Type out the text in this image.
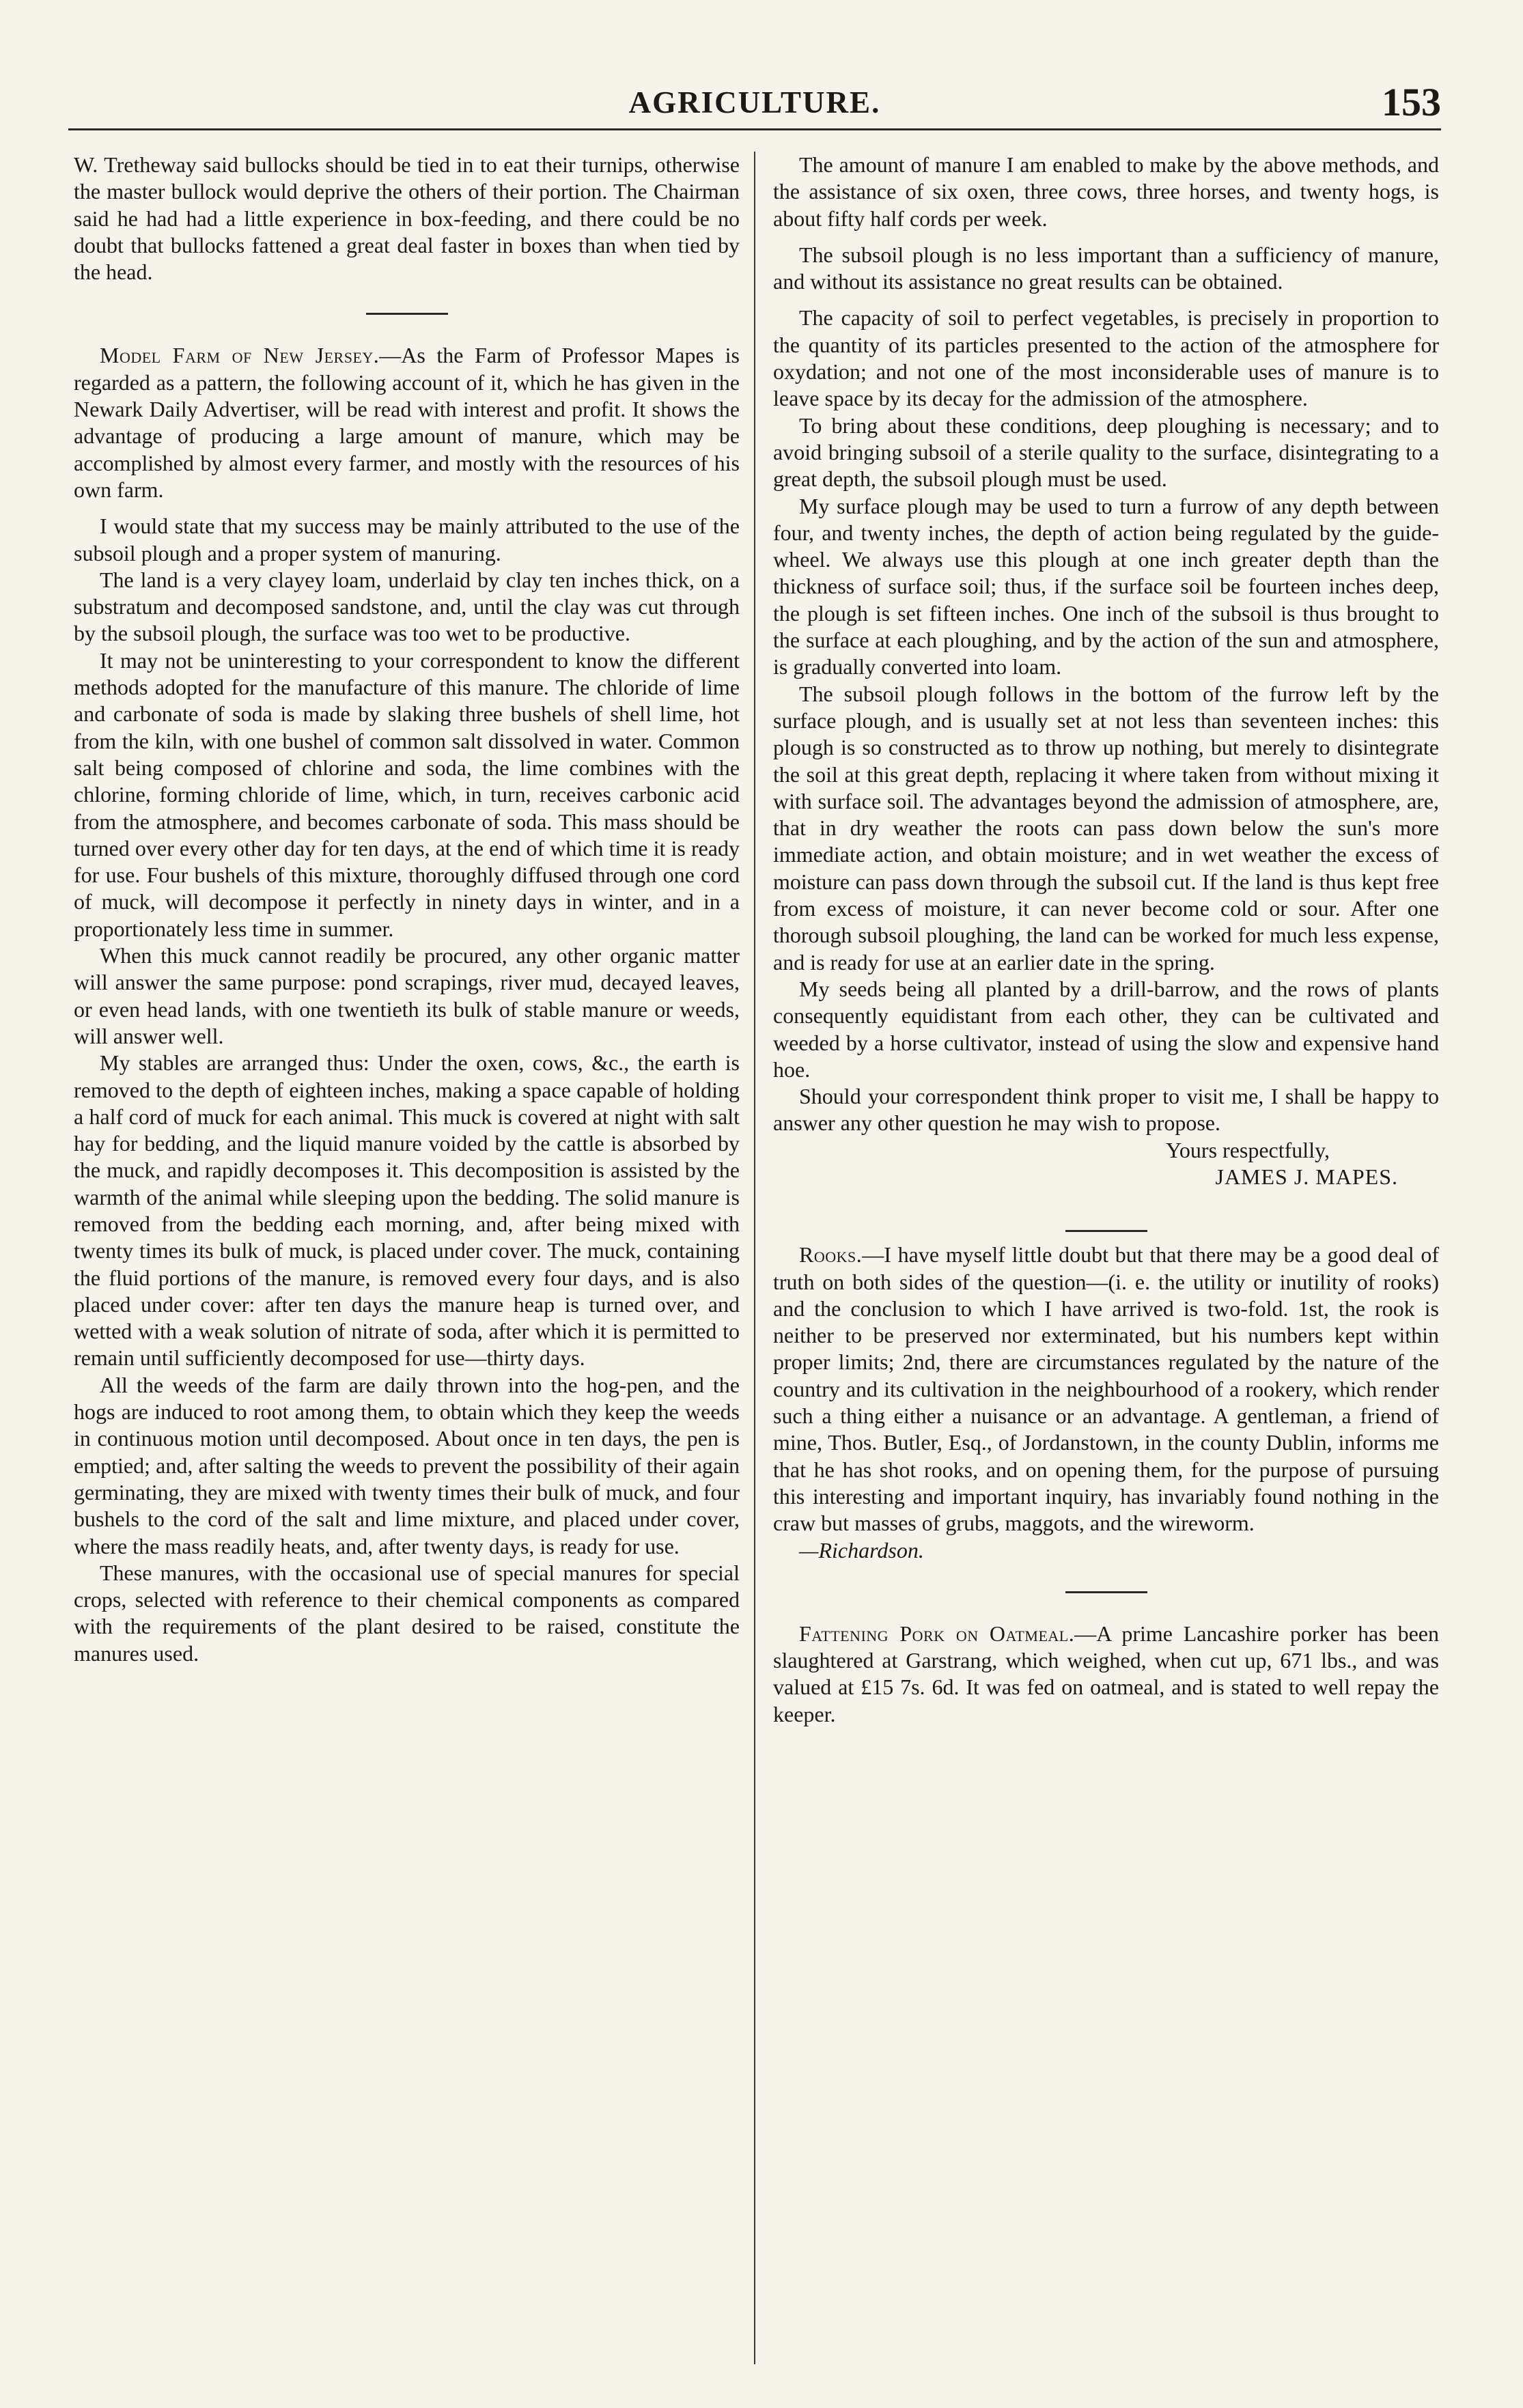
AGRICULTURE.	153

W. Tretheway said bullocks should be tied in to eat their turnips, otherwise the master bullock would deprive the others of their portion. The Chairman said he had had a little experience in box-feeding, and there could be no doubt that bullocks fattened a great deal faster in boxes than when tied by the head.

Model Farm of New Jersey.—As the Farm of Professor Mapes is regarded as a pattern, the following account of it, which he has given in the Newark Daily Advertiser, will be read with interest and profit. It shows the advantage of producing a large amount of manure, which may be accomplished by almost every farmer, and mostly with the resources of his own farm.

I would state that my success may be mainly attributed to the use of the subsoil plough and a proper system of manuring.

The land is a very clayey loam, underlaid by clay ten inches thick, on a substratum and decomposed sandstone, and, until the clay was cut through by the subsoil plough, the surface was too wet to be productive.

It may not be uninteresting to your correspondent to know the different methods adopted for the manufacture of this manure. The chloride of lime and carbonate of soda is made by slaking three bushels of shell lime, hot from the kiln, with one bushel of common salt dissolved in water. Common salt being composed of chlorine and soda, the lime combines with the chlorine, forming chloride of lime, which, in turn, receives carbonic acid from the atmosphere, and becomes carbonate of soda. This mass should be turned over every other day for ten days, at the end of which time it is ready for use. Four bushels of this mixture, thoroughly diffused through one cord of muck, will decompose it perfectly in ninety days in winter, and in a proportionately less time in summer.

When this muck cannot readily be procured, any other organic matter will answer the same purpose: pond scrapings, river mud, decayed leaves, or even head lands, with one twentieth its bulk of stable manure or weeds, will answer well.

My stables are arranged thus: Under the oxen, cows, &c., the earth is removed to the depth of eighteen inches, making a space capable of holding a half cord of muck for each animal. This muck is covered at night with salt hay for bedding, and the liquid manure voided by the cattle is absorbed by the muck, and rapidly decomposes it. This decomposition is assisted by the warmth of the animal while sleeping upon the bedding. The solid manure is removed from the bedding each morning, and, after being mixed with twenty times its bulk of muck, is placed under cover. The muck, containing the fluid portions of the manure, is removed every four days, and is also placed under cover: after ten days the manure heap is turned over, and wetted with a weak solution of nitrate of soda, after which it is permitted to remain until sufficiently decomposed for use—thirty days.

All the weeds of the farm are daily thrown into the hog-pen, and the hogs are induced to root among them, to obtain which they keep the weeds in continuous motion until decomposed. About once in ten days, the pen is emptied; and, after salting the weeds to prevent the possibility of their again germinating, they are mixed with twenty times their bulk of muck, and four bushels to the cord of the salt and lime mixture, and placed under cover, where the mass readily heats, and, after twenty days, is ready for use.

These manures, with the occasional use of special manures for special crops, selected with reference to their chemical components as compared with the requirements of the plant desired to be raised, constitute the manures used.

The amount of manure I am enabled to make by the above methods, and the assistance of six oxen, three cows, three horses, and twenty hogs, is about fifty half cords per week.

The subsoil plough is no less important than a sufficiency of manure, and without its assistance no great results can be obtained.

The capacity of soil to perfect vegetables, is precisely in proportion to the quantity of its particles presented to the action of the atmosphere for oxydation; and not one of the most inconsiderable uses of manure is to leave space by its decay for the admission of the atmosphere.

To bring about these conditions, deep ploughing is necessary; and to avoid bringing subsoil of a sterile quality to the surface, disintegrating to a great depth, the subsoil plough must be used.

My surface plough may be used to turn a furrow of any depth between four, and twenty inches, the depth of action being regulated by the guide-wheel. We always use this plough at one inch greater depth than the thickness of surface soil; thus, if the surface soil be fourteen inches deep, the plough is set fifteen inches. One inch of the subsoil is thus brought to the surface at each ploughing, and by the action of the sun and atmosphere, is gradually converted into loam.

The subsoil plough follows in the bottom of the furrow left by the surface plough, and is usually set at not less than seventeen inches: this plough is so constructed as to throw up nothing, but merely to disintegrate the soil at this great depth, replacing it where taken from without mixing it with surface soil. The advantages beyond the admission of atmosphere, are, that in dry weather the roots can pass down below the sun's more immediate action, and obtain moisture; and in wet weather the excess of moisture can pass down through the subsoil cut. If the land is thus kept free from excess of moisture, it can never become cold or sour. After one thorough subsoil ploughing, the land can be worked for much less expense, and is ready for use at an earlier date in the spring.

My seeds being all planted by a drill-barrow, and the rows of plants consequently equidistant from each other, they can be cultivated and weeded by a horse cultivator, instead of using the slow and expensive hand hoe.

Should your correspondent think proper to visit me, I shall be happy to answer any other question he may wish to propose.

Yours respectfully,

JAMES J. MAPES.

Rooks.—I have myself little doubt but that there may be a good deal of truth on both sides of the question—(i. e. the utility or inutility of rooks) and the conclusion to which I have arrived is two-fold. 1st, the rook is neither to be preserved nor exterminated, but his numbers kept within proper limits; 2nd, there are circumstances regulated by the nature of the country and its cultivation in the neighbourhood of a rookery, which render such a thing either a nuisance or an advantage. A gentleman, a friend of mine, Thos. Butler, Esq., of Jordanstown, in the county Dublin, informs me that he has shot rooks, and on opening them, for the purpose of pursuing this interesting and important inquiry, has invariably found nothing in the craw but masses of grubs, maggots, and the wireworm.

—Richardson.

Fattening Pork on Oatmeal.—A prime Lancashire porker has been slaughtered at Garstrang, which weighed, when cut up, 671 lbs., and was valued at £15 7s. 6d. It was fed on oatmeal, and is stated to well repay the keeper.
